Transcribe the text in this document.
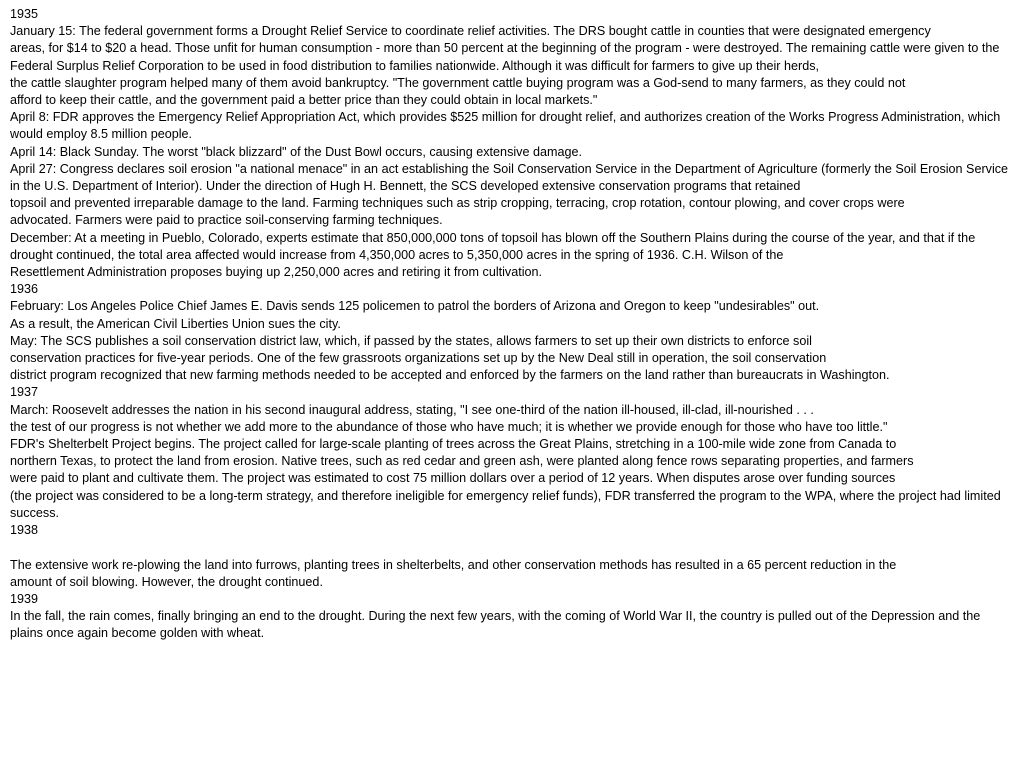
1935
January 15: The federal government forms a Drought Relief Service to coordinate relief activities. The DRS bought cattle in counties that were designated emergency
areas, for $14 to $20 a head. Those unfit for human consumption - more than 50 percent at the beginning of the program - were destroyed. The remaining cattle were given to the Federal Surplus Relief Corporation to be used in food distribution to families nationwide. Although it was difficult for farmers to give up their herds,
the cattle slaughter program helped many of them avoid bankruptcy. "The government cattle buying program was a God-send to many farmers, as they could not
afford to keep their cattle, and the government paid a better price than they could obtain in local markets."
April 8: FDR approves the Emergency Relief Appropriation Act, which provides $525 million for drought relief, and authorizes creation of the Works Progress Administration, which would employ 8.5 million people.
April 14: Black Sunday. The worst "black blizzard" of the Dust Bowl occurs, causing extensive damage.
April 27: Congress declares soil erosion "a national menace" in an act establishing the Soil Conservation Service in the Department of Agriculture (formerly the Soil Erosion Service in the U.S. Department of Interior). Under the direction of Hugh H. Bennett, the SCS developed extensive conservation programs that retained
topsoil and prevented irreparable damage to the land. Farming techniques such as strip cropping, terracing, crop rotation, contour plowing, and cover crops were
advocated. Farmers were paid to practice soil-conserving farming techniques.
December: At a meeting in Pueblo, Colorado, experts estimate that 850,000,000 tons of topsoil has blown off the Southern Plains during the course of the year, and that if the drought continued, the total area affected would increase from 4,350,000 acres to 5,350,000 acres in the spring of 1936. C.H. Wilson of the
Resettlement Administration proposes buying up 2,250,000 acres and retiring it from cultivation.
1936
February: Los Angeles Police Chief James E. Davis sends 125 policemen to patrol the borders of Arizona and Oregon to keep "undesirables" out.
As a result, the American Civil Liberties Union sues the city.
May: The SCS publishes a soil conservation district law, which, if passed by the states, allows farmers to set up their own districts to enforce soil
conservation practices for five-year periods. One of the few grassroots organizations set up by the New Deal still in operation, the soil conservation
district program recognized that new farming methods needed to be accepted and enforced by the farmers on the land rather than bureaucrats in Washington.
1937
March: Roosevelt addresses the nation in his second inaugural address, stating, "I see one-third of the nation ill-housed, ill-clad, ill-nourished . . .
the test of our progress is not whether we add more to the abundance of those who have much; it is whether we provide enough for those who have too little."
FDR's Shelterbelt Project begins. The project called for large-scale planting of trees across the Great Plains, stretching in a 100-mile wide zone from Canada to
northern Texas, to protect the land from erosion. Native trees, such as red cedar and green ash, were planted along fence rows separating properties, and farmers
were paid to plant and cultivate them. The project was estimated to cost 75 million dollars over a period of 12 years. When disputes arose over funding sources
(the project was considered to be a long-term strategy, and therefore ineligible for emergency relief funds), FDR transferred the program to the WPA, where the project had limited success.
1938

The extensive work re-plowing the land into furrows, planting trees in shelterbelts, and other conservation methods has resulted in a 65 percent reduction in the
amount of soil blowing. However, the drought continued.
1939
In the fall, the rain comes, finally bringing an end to the drought. During the next few years, with the coming of World War II, the country is pulled out of the Depression and the plains once again become golden with wheat.
